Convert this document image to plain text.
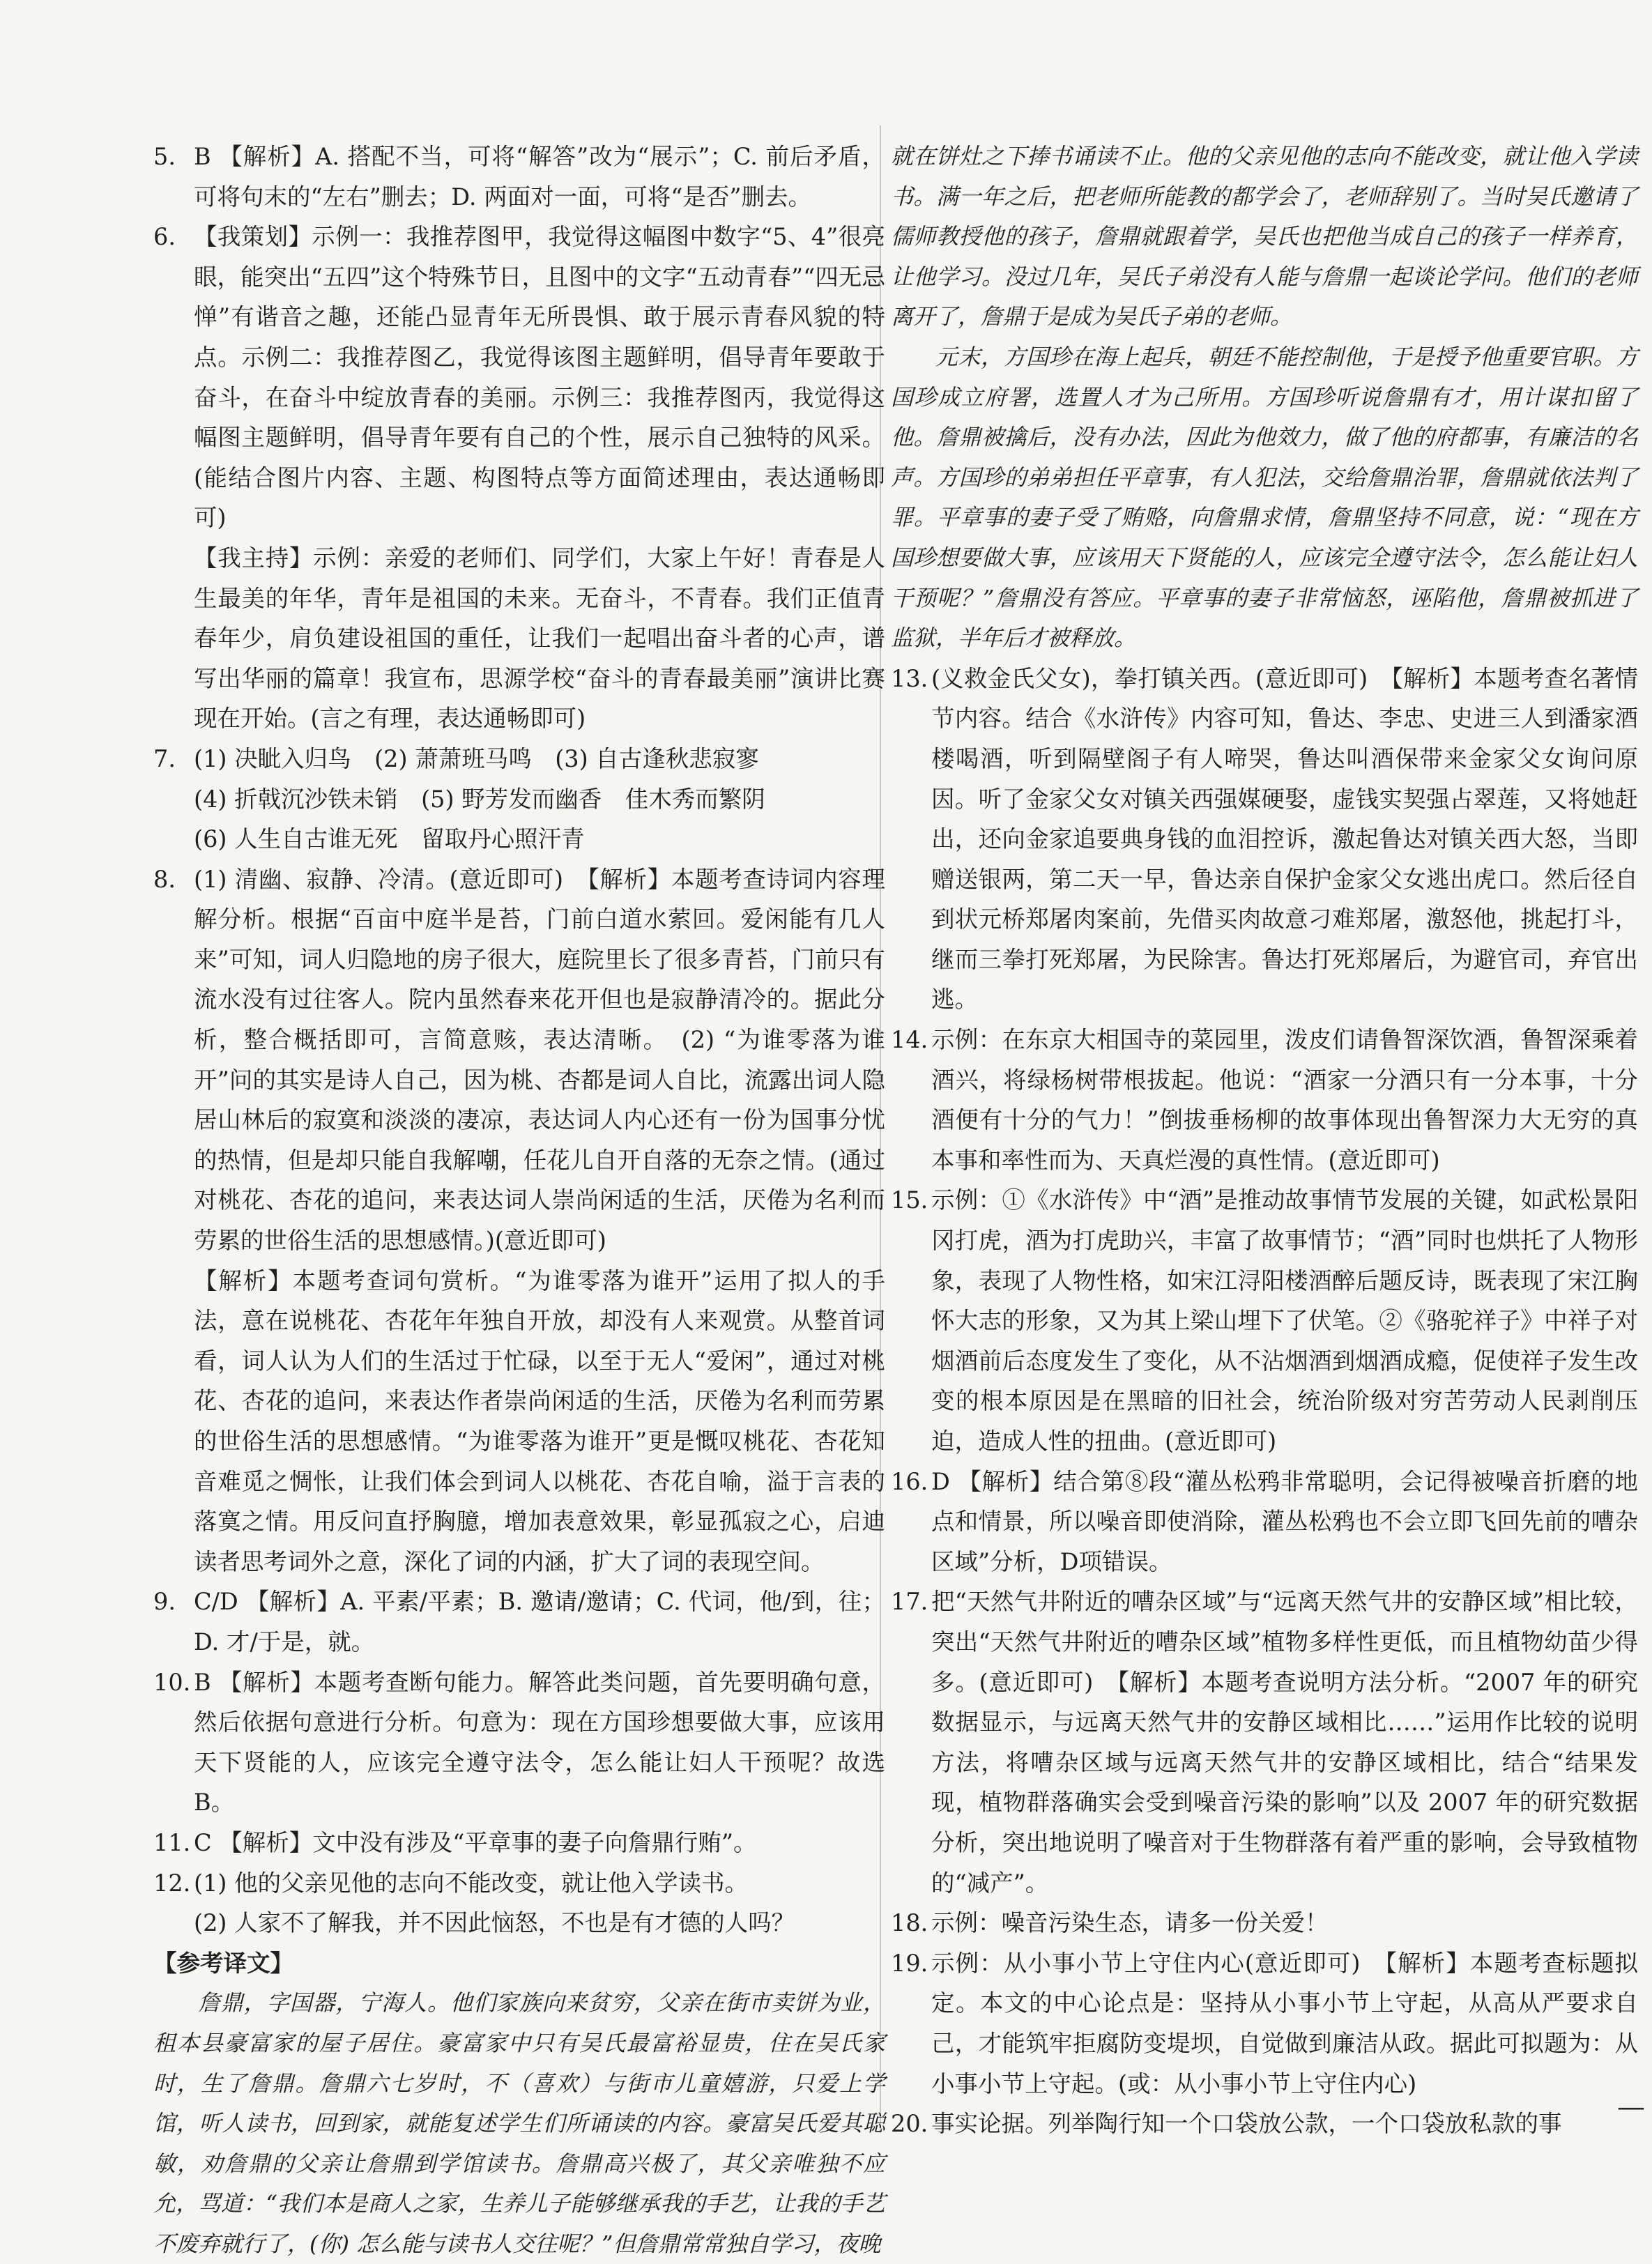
5. B 【解析】A. 搭配不当，可将“解答”改为“展示”；C. 前后矛盾，可将句末的“左右”删去；D. 两面对一面，可将“是否”删去。
6. 【我策划】示例一：我推荐图甲，我觉得这幅图中数字“5、4”很亮眼，能突出“五四”这个特殊节日，且图中的文字“五动青春”“四无忌惮”有谐音之趣，还能凸显青年无所畏惧、敢于展示青春风貌的特点。示例二：我推荐图乙，我觉得该图主题鲜明，倡导青年要敢于奋斗，在奋斗中绽放青春的美丽。示例三：我推荐图丙，我觉得这幅图主题鲜明，倡导青年要有自己的个性，展示自己独特的风采。(能结合图片内容、主题、构图特点等方面简述理由，表达通畅即可)
【我主持】示例：亲爱的老师们、同学们，大家上午好！青春是人生最美的年华，青年是祖国的未来。无奋斗，不青春。我们正值青春年少，肩负建设祖国的重任，让我们一起唱出奋斗者的心声，谱写出华丽的篇章！我宣布，思源学校“奋斗的青春最美丽”演讲比赛现在开始。(言之有理，表达通畅即可)
7. (1) 决眦入归鸟　(2) 萧萧班马鸣　(3) 自古逢秋悲寂寥
(4) 折戟沉沙铁未销　(5) 野芳发而幽香　佳木秀而繁阴
(6) 人生自古谁无死　留取丹心照汗青
8. (1) 清幽、寂静、冷清。(意近即可)　【解析】本题考查诗词内容理解分析。根据“百亩中庭半是苔，门前白道水萦回。爱闲能有几人来”可知，词人归隐地的房子很大，庭院里长了很多青苔，门前只有流水没有过往客人。院内虽然春来花开但也是寂静清冷的。据此分析，整合概括即可，言简意赅，表达清晰。　(2) “为谁零落为谁开”问的其实是诗人自己，因为桃、杏都是词人自比，流露出词人隐居山林后的寂寞和淡淡的凄凉，表达词人内心还有一份为国事分忧的热情，但是却只能自我解嘲，任花儿自开自落的无奈之情。(通过对桃花、杏花的追问，来表达词人崇尚闲适的生活，厌倦为名利而劳累的世俗生活的思想感情。)(意近即可)
【解析】本题考查词句赏析。“为谁零落为谁开”运用了拟人的手法，意在说桃花、杏花年年独自开放，却没有人来观赏。从整首词看，词人认为人们的生活过于忙碌，以至于无人“爱闲”，通过对桃花、杏花的追问，来表达作者崇尚闲适的生活，厌倦为名利而劳累的世俗生活的思想感情。“为谁零落为谁开”更是慨叹桃花、杏花知音难觅之惆怅，让我们体会到词人以桃花、杏花自喻，溢于言表的落寞之情。用反问直抒胸臆，增加表意效果，彰显孤寂之心，启迪读者思考词外之意，深化了词的内涵，扩大了词的表现空间。
9. C/D 【解析】A. 平素/平素；B. 邀请/邀请；C. 代词，他/到，往；D. 才/于是，就。
10. B 【解析】本题考查断句能力。解答此类问题，首先要明确句意，然后依据句意进行分析。句意为：现在方国珍想要做大事，应该用天下贤能的人，应该完全遵守法令，怎么能让妇人干预呢？故选B。
11. C 【解析】文中没有涉及“平章事的妻子向詹鼎行贿”。
12. (1) 他的父亲见他的志向不能改变，就让他入学读书。
(2) 人家不了解我，并不因此恼怒，不也是有才德的人吗？
【参考译文】

詹鼎，字国器，宁海人。他们家族向来贫穷，父亲在街市卖饼为业，租本县豪富家的屋子居住。豪富家中只有吴氏最富裕显贵，住在吴氏家时，生了詹鼎。詹鼎六七岁时，不（喜欢）与街市儿童嬉游，只爱上学馆，听人读书，回到家，就能复述学生们所诵读的内容。豪富吴氏爱其聪敏，劝詹鼎的父亲让詹鼎到学馆读书。詹鼎高兴极了，其父亲唯独不应允，骂道：“我们本是商人之家，生养儿子能够继承我的手艺，让我的手艺不废弃就行了，(你) 怎么能与读书人交往呢？”但詹鼎常常独自学习，夜晚

就在饼灶之下捧书诵读不止。他的父亲见他的志向不能改变，就让他入学读书。满一年之后，把老师所能教的都学会了，老师辞别了。当时吴氏邀请了儒师教授他的孩子，詹鼎就跟着学，吴氏也把他当成自己的孩子一样养育，让他学习。没过几年，吴氏子弟没有人能与詹鼎一起谈论学问。他们的老师离开了，詹鼎于是成为吴氏子弟的老师。

元末，方国珍在海上起兵，朝廷不能控制他，于是授予他重要官职。方国珍成立府署，选置人才为己所用。方国珍听说詹鼎有才，用计谋扣留了他。詹鼎被擒后，没有办法，因此为他效力，做了他的府都事，有廉洁的名声。方国珍的弟弟担任平章事，有人犯法，交给詹鼎治罪，詹鼎就依法判了罪。平章事的妻子受了贿赂，向詹鼎求情，詹鼎坚持不同意，说：“现在方国珍想要做大事，应该用天下贤能的人，应该完全遵守法令，怎么能让妇人干预呢？”詹鼎没有答应。平章事的妻子非常恼怒，诬陷他，詹鼎被抓进了监狱，半年后才被释放。

13. (义救金氏父女)，拳打镇关西。(意近即可)　【解析】本题考查名著情节内容。结合《水浒传》内容可知，鲁达、李忠、史进三人到潘家酒楼喝酒，听到隔壁阁子有人啼哭，鲁达叫酒保带来金家父女询问原因。听了金家父女对镇关西强媒硬娶，虚钱实契强占翠莲，又将她赶出，还向金家追要典身钱的血泪控诉，激起鲁达对镇关西大怒，当即赠送银两，第二天一早，鲁达亲自保护金家父女逃出虎口。然后径自到状元桥郑屠肉案前，先借买肉故意刁难郑屠，激怒他，挑起打斗，继而三拳打死郑屠，为民除害。鲁达打死郑屠后，为避官司，弃官出逃。
14. 示例：在东京大相国寺的菜园里，泼皮们请鲁智深饮酒，鲁智深乘着酒兴，将绿杨树带根拔起。他说：“酒家一分酒只有一分本事，十分酒便有十分的气力！”倒拔垂杨柳的故事体现出鲁智深力大无穷的真本事和率性而为、天真烂漫的真性情。(意近即可)
15. 示例：①《水浒传》中“酒”是推动故事情节发展的关键，如武松景阳冈打虎，酒为打虎助兴，丰富了故事情节；“酒”同时也烘托了人物形象，表现了人物性格，如宋江浔阳楼酒醉后题反诗，既表现了宋江胸怀大志的形象，又为其上梁山埋下了伏笔。②《骆驼祥子》中祥子对烟酒前后态度发生了变化，从不沾烟酒到烟酒成瘾，促使祥子发生改变的根本原因是在黑暗的旧社会，统治阶级对穷苦劳动人民剥削压迫，造成人性的扭曲。(意近即可)
16. D 【解析】结合第⑧段“灌丛松鸦非常聪明，会记得被噪音折磨的地点和情景，所以噪音即使消除，灌丛松鸦也不会立即飞回先前的嘈杂区域”分析，D项错误。
17. 把“天然气井附近的嘈杂区域”与“远离天然气井的安静区域”相比较，突出“天然气井附近的嘈杂区域”植物多样性更低，而且植物幼苗少得多。(意近即可)　【解析】本题考查说明方法分析。“2007 年的研究数据显示，与远离天然气井的安静区域相比……”运用作比较的说明方法，将嘈杂区域与远离天然气井的安静区域相比，结合“结果发现，植物群落确实会受到噪音污染的影响”以及 2007 年的研究数据分析，突出地说明了噪音对于生物群落有着严重的影响，会导致植物的“减产”。
18. 示例：噪音污染生态，请多一份关爱！
19. 示例：从小事小节上守住内心(意近即可)　【解析】本题考查标题拟定。本文的中心论点是：坚持从小事小节上守起，从高从严要求自己，才能筑牢拒腐防变堤坝，自觉做到廉洁从政。据此可拟题为：从小事小节上守起。(或：从小事小节上守住内心)
20. 事实论据。列举陶行知一个口袋放公款，一个口袋放私款的事
—
